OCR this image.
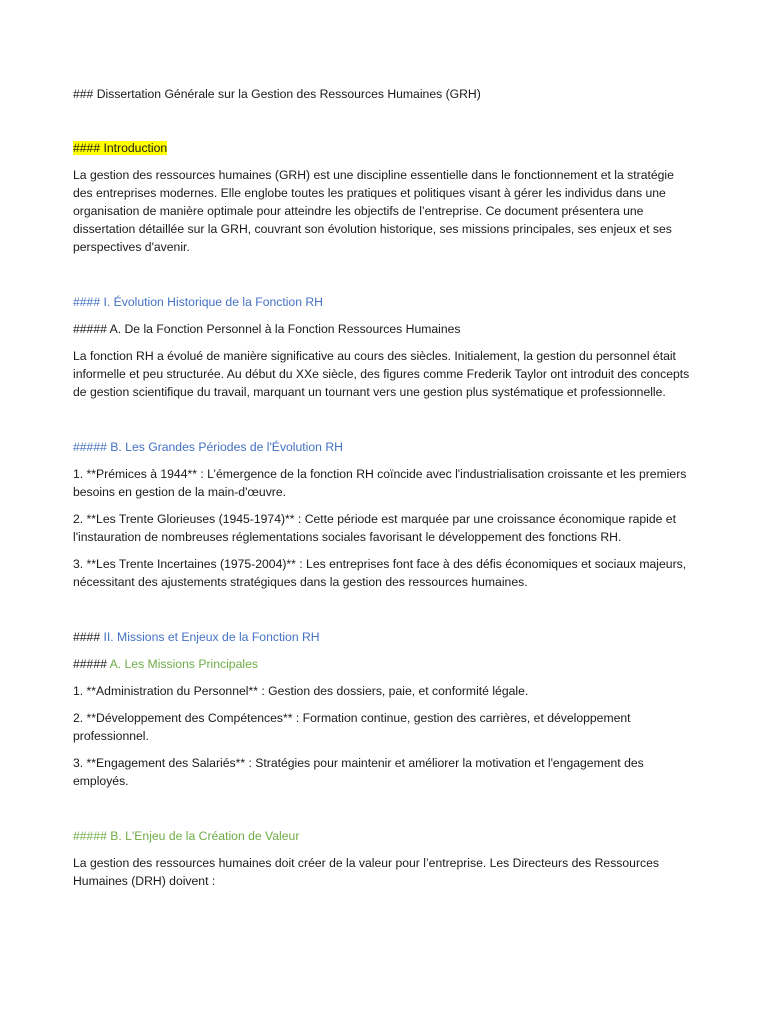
### Dissertation Générale sur la Gestion des Ressources Humaines (GRH)

#### Introduction

La gestion des ressources humaines (GRH) est une discipline essentielle dans le fonctionnement et la stratégie des entreprises modernes. Elle englobe toutes les pratiques et politiques visant à gérer les individus dans une organisation de manière optimale pour atteindre les objectifs de l’entreprise. Ce document présentera une dissertation détaillée sur la GRH, couvrant son évolution historique, ses missions principales, ses enjeux et ses perspectives d'avenir.

#### I. Évolution Historique de la Fonction RH

##### A. De la Fonction Personnel à la Fonction Ressources Humaines

La fonction RH a évolué de manière significative au cours des siècles. Initialement, la gestion du personnel était informelle et peu structurée. Au début du XXe siècle, des figures comme Frederik Taylor ont introduit des concepts de gestion scientifique du travail, marquant un tournant vers une gestion plus systématique et professionnelle.

##### B. Les Grandes Périodes de l'Évolution RH

1. **Prémices à 1944** : L’émergence de la fonction RH coïncide avec l'industrialisation croissante et les premiers besoins en gestion de la main-d'œuvre.

2. **Les Trente Glorieuses (1945-1974)** : Cette période est marquée par une croissance économique rapide et l'instauration de nombreuses réglementations sociales favorisant le développement des fonctions RH.

3. **Les Trente Incertaines (1975-2004)** : Les entreprises font face à des défis économiques et sociaux majeurs, nécessitant des ajustements stratégiques dans la gestion des ressources humaines.

#### II. Missions et Enjeux de la Fonction RH

##### A. Les Missions Principales

1. **Administration du Personnel** : Gestion des dossiers, paie, et conformité légale.

2. **Développement des Compétences** : Formation continue, gestion des carrières, et développement professionnel.

3. **Engagement des Salariés** : Stratégies pour maintenir et améliorer la motivation et l'engagement des employés.

##### B. L'Enjeu de la Création de Valeur

La gestion des ressources humaines doit créer de la valeur pour l’entreprise. Les Directeurs des Ressources Humaines (DRH) doivent :
